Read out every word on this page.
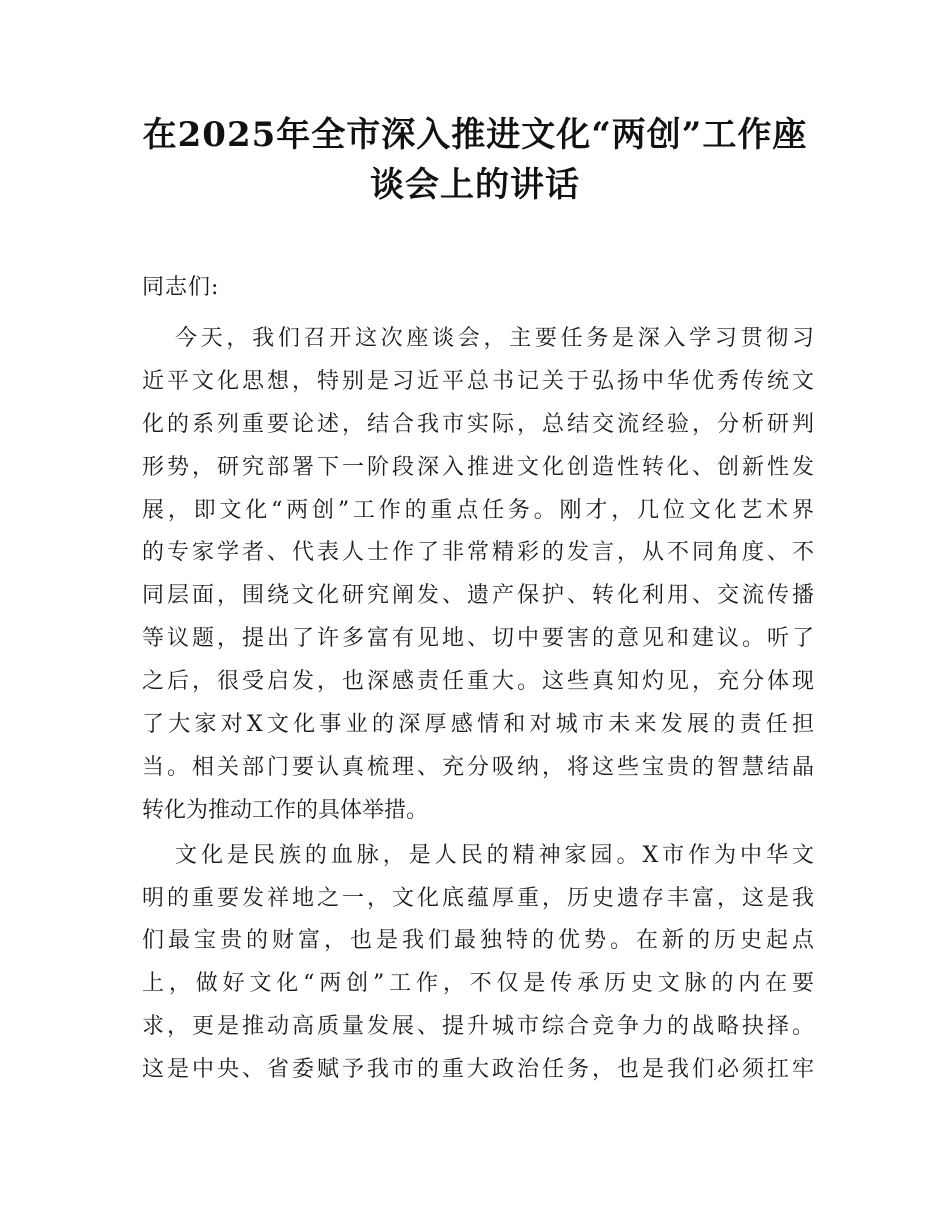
在2025年全市深入推进文化“两创”工作座
谈会上的讲话

同志们:

今天，我们召开这次座谈会，主要任务是深入学习贯彻习
近平文化思想，特别是习近平总书记关于弘扬中华优秀传统文
化的系列重要论述，结合我市实际，总结交流经验，分析研判
形势，研究部署下一阶段深入推进文化创造性转化、创新性发
展，即文化“两创”工作的重点任务。刚才，几位文化艺术界
的专家学者、代表人士作了非常精彩的发言，从不同角度、不
同层面，围绕文化研究阐发、遗产保护、转化利用、交流传播
等议题，提出了许多富有见地、切中要害的意见和建议。听了
之后，很受启发，也深感责任重大。这些真知灼见，充分体现
了大家对X文化事业的深厚感情和对城市未来发展的责任担
当。相关部门要认真梳理、充分吸纳，将这些宝贵的智慧结晶
转化为推动工作的具体举措。
文化是民族的血脉，是人民的精神家园。X市作为中华文
明的重要发祥地之一，文化底蕴厚重，历史遗存丰富，这是我
们最宝贵的财富，也是我们最独特的优势。在新的历史起点
上，做好文化“两创”工作，不仅是传承历史文脉的内在要
求，更是推动高质量发展、提升城市综合竞争力的战略抉择。
这是中央、省委赋予我市的重大政治任务，也是我们必须扛牢
